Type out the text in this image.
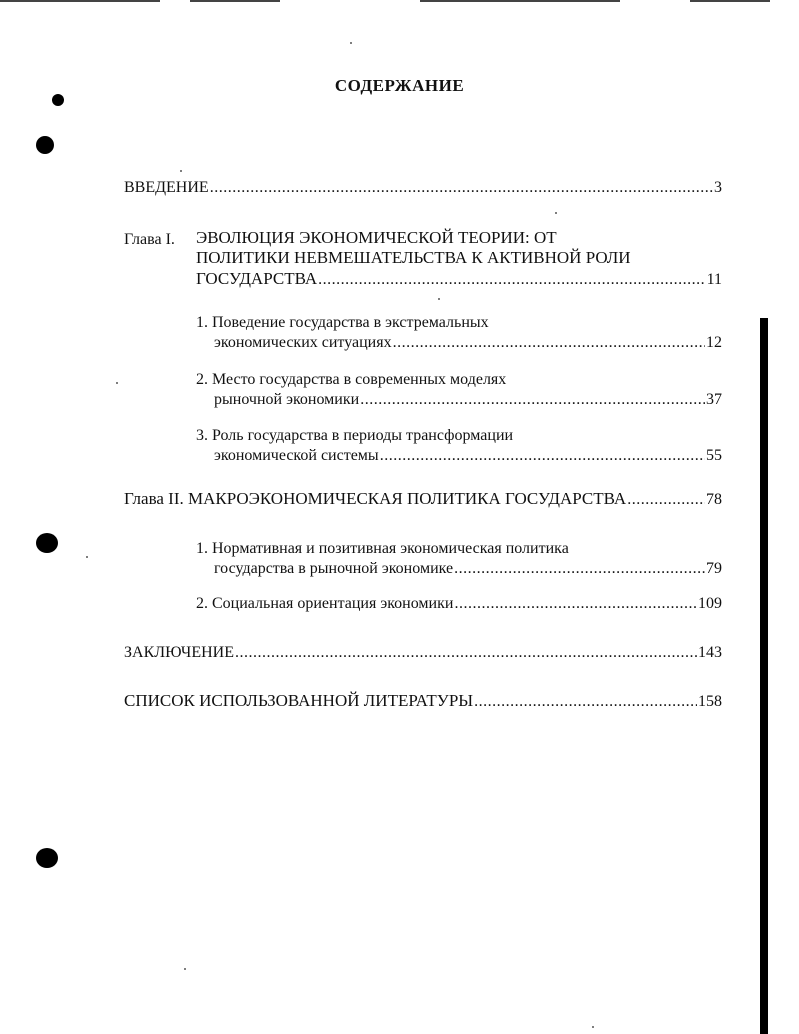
СОДЕРЖАНИЕ
ВВЕДЕНИЕ .....	3
Глава I. ЭВОЛЮЦИЯ ЭКОНОМИЧЕСКОЙ ТЕОРИИ: ОТ
ПОЛИТИКИ НЕВМЕШАТЕЛЬСТВА К АКТИВНОЙ РОЛИ
ГОСУДАРСТВА .....	11
1. Поведение государства в экстремальных
экономических ситуациях .....	12
2. Место государства в современных моделях
рыночной экономики .....	37
3. Роль государства в периоды трансформации
экономической системы .....	55
Глава II. МАКРОЭКОНОМИЧЕСКАЯ ПОЛИТИКА ГОСУДАРСТВА .....	78
1. Нормативная и позитивная экономическая политика
государства в рыночной экономике .....	79
2. Социальная ориентация экономики .....	109
ЗАКЛЮЧЕНИЕ .....	143
СПИСОК ИСПОЛЬЗОВАННОЙ ЛИТЕРАТУРЫ .....	158
